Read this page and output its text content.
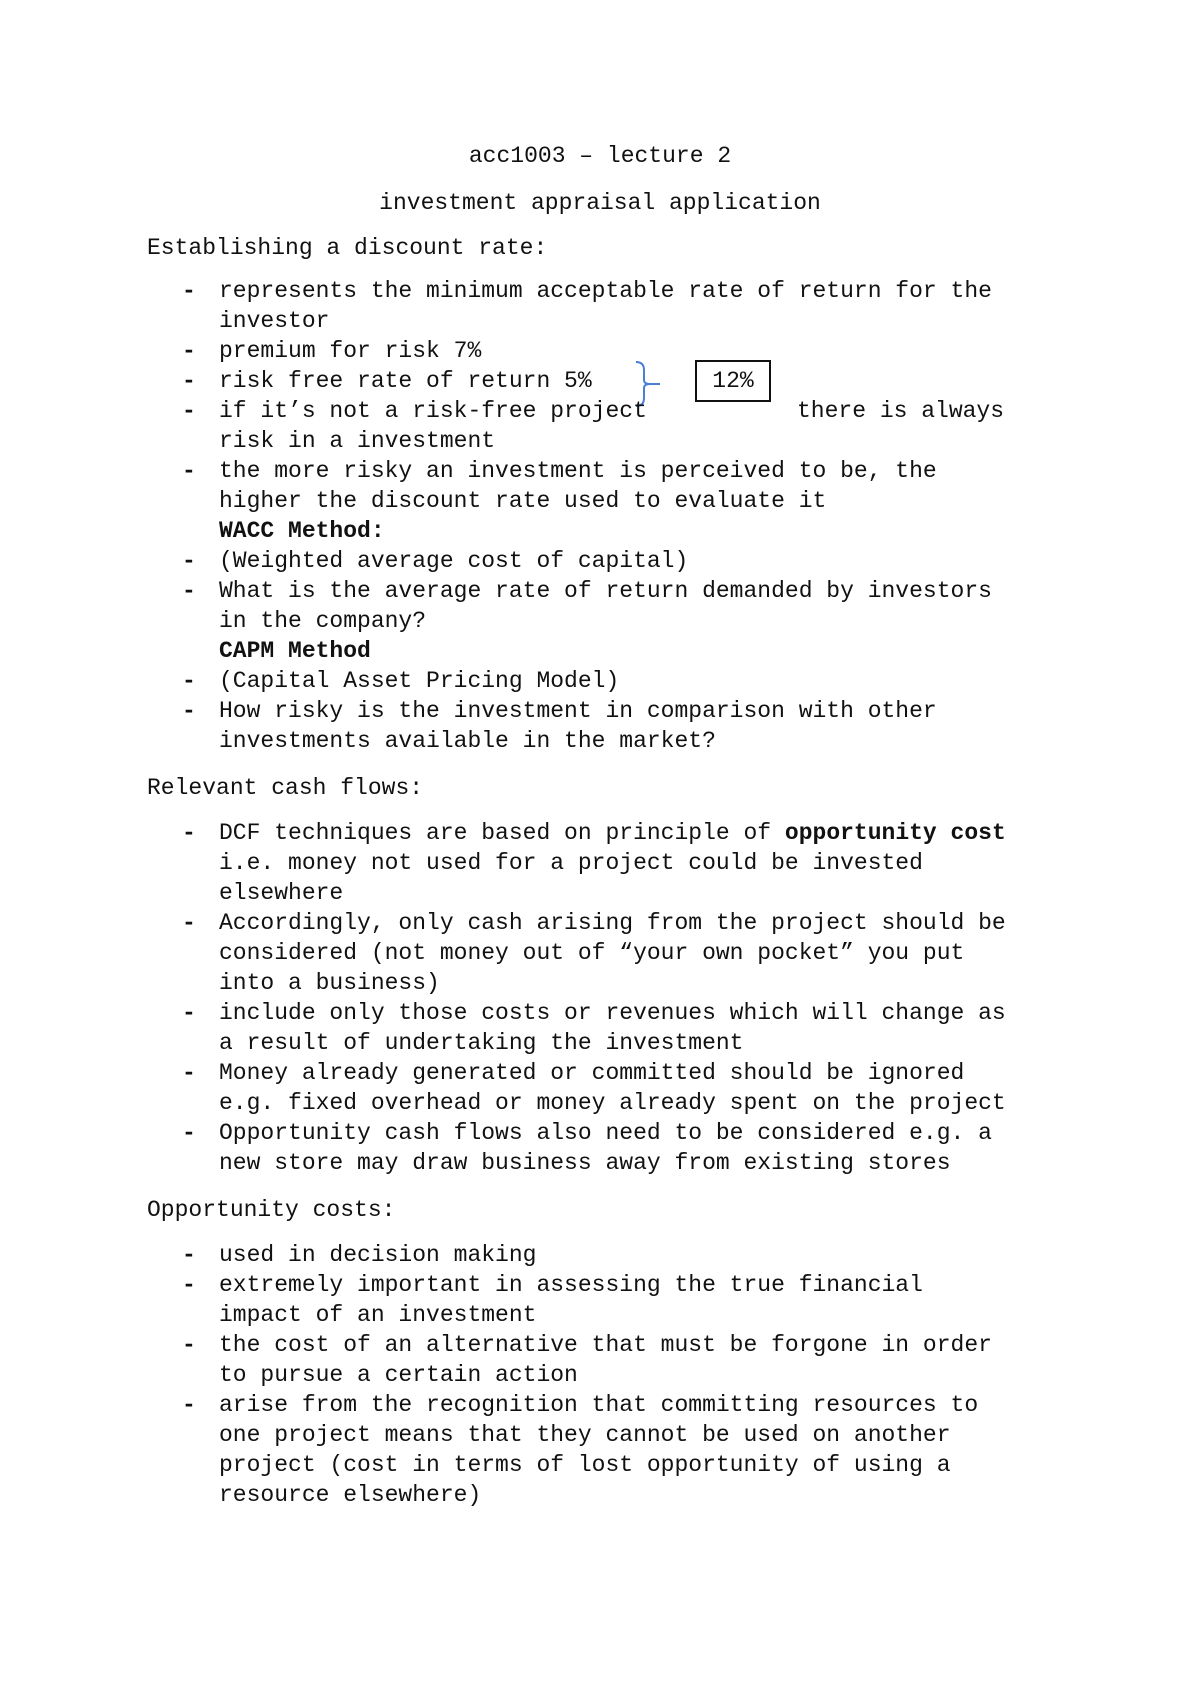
acc1003 – lecture 2
investment appraisal application
Establishing a discount rate:
- represents the minimum acceptable rate of return for the
investor
- premium for risk 7%
- risk free rate of return 5%	12%
- if it’s not a risk-free project	there is always
risk in a investment
- the more risky an investment is perceived to be, the
higher the discount rate used to evaluate it
WACC Method:
- (Weighted average cost of capital)
- What is the average rate of return demanded by investors
in the company?
CAPM Method
- (Capital Asset Pricing Model)
- How risky is the investment in comparison with other
investments available in the market?
Relevant cash flows:
- DCF techniques are based on principle of opportunity cost
i.e. money not used for a project could be invested
elsewhere
- Accordingly, only cash arising from the project should be
considered (not money out of “your own pocket” you put
into a business)
- include only those costs or revenues which will change as
a result of undertaking the investment
- Money already generated or committed should be ignored
e.g. fixed overhead or money already spent on the project
- Opportunity cash flows also need to be considered e.g. a
new store may draw business away from existing stores
Opportunity costs:
- used in decision making
- extremely important in assessing the true financial
impact of an investment
- the cost of an alternative that must be forgone in order
to pursue a certain action
- arise from the recognition that committing resources to
one project means that they cannot be used on another
project (cost in terms of lost opportunity of using a
resource elsewhere)
